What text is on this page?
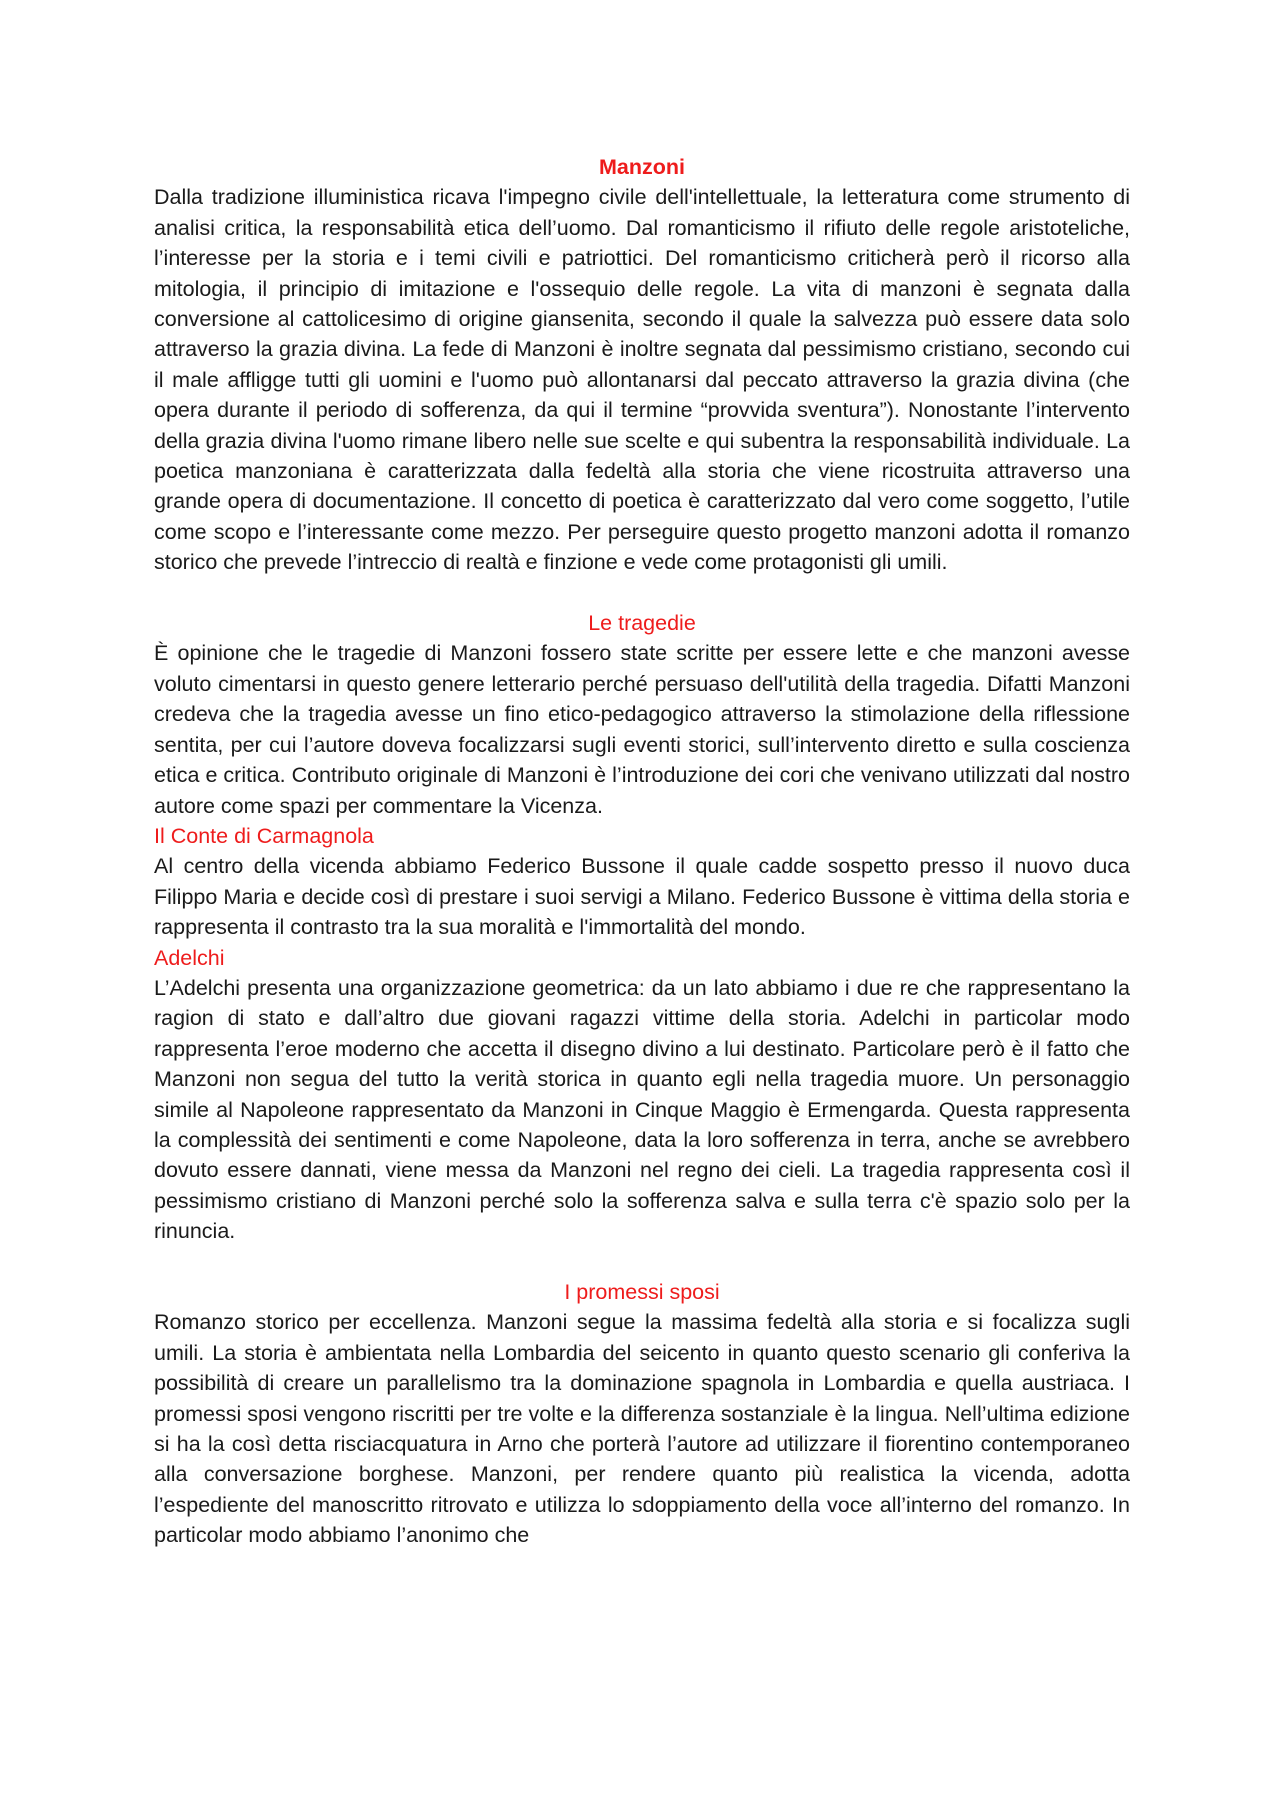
Manzoni

Dalla tradizione illuministica ricava l'impegno civile dell'intellettuale, la letteratura come strumento di analisi critica, la responsabilità etica dell’uomo. Dal romanticismo il rifiuto delle regole aristoteliche, l’interesse per la storia e i temi civili e patriottici. Del romanticismo criticherà però il ricorso alla mitologia, il principio di imitazione e l'ossequio delle regole. La vita di manzoni è segnata dalla conversione al cattolicesimo di origine giansenita, secondo il quale la salvezza può essere data solo attraverso la grazia divina. La fede di Manzoni è inoltre segnata dal pessimismo cristiano, secondo cui il male affligge tutti gli uomini e l'uomo può allontanarsi dal peccato attraverso la grazia divina (che opera durante il periodo di sofferenza, da qui il termine “provvida sventura”). Nonostante l’intervento della grazia divina l'uomo rimane libero nelle sue scelte e qui subentra la responsabilità individuale. La poetica manzoniana è caratterizzata dalla fedeltà alla storia che viene ricostruita attraverso una grande opera di documentazione. Il concetto di poetica è caratterizzato dal vero come soggetto, l’utile come scopo e l’interessante come mezzo. Per perseguire questo progetto manzoni adotta il romanzo storico che prevede l’intreccio di realtà e finzione e vede come protagonisti gli umili.

Le tragedie

È opinione che le tragedie di Manzoni fossero state scritte per essere lette e che manzoni avesse voluto cimentarsi in questo genere letterario perché persuaso dell'utilità della tragedia. Difatti Manzoni credeva che la tragedia avesse un fino etico-pedagogico attraverso la stimolazione della riflessione sentita, per cui l’autore doveva focalizzarsi sugli eventi storici, sull’intervento diretto e sulla coscienza etica e critica. Contributo originale di Manzoni è l’introduzione dei cori che venivano utilizzati dal nostro autore come spazi per commentare la Vicenza.

Il Conte di Carmagnola

Al centro della vicenda abbiamo Federico Bussone il quale cadde sospetto presso il nuovo duca Filippo Maria e decide così di prestare i suoi servigi a Milano. Federico Bussone è vittima della storia e rappresenta il contrasto tra la sua moralità e l'immortalità del mondo.

Adelchi

L’Adelchi presenta una organizzazione geometrica: da un lato abbiamo i due re che rappresentano la ragion di stato e dall’altro due giovani ragazzi vittime della storia. Adelchi in particolar modo rappresenta l’eroe moderno che accetta il disegno divino a lui destinato. Particolare però è il fatto che Manzoni non segua del tutto la verità storica in quanto egli nella tragedia muore. Un personaggio simile al Napoleone rappresentato da Manzoni in Cinque Maggio è Ermengarda. Questa rappresenta la complessità dei sentimenti e come Napoleone, data la loro sofferenza in terra, anche se avrebbero dovuto essere dannati, viene messa da Manzoni nel regno dei cieli. La tragedia rappresenta così il pessimismo cristiano di Manzoni perché solo la sofferenza salva e sulla terra c'è spazio solo per la rinuncia.

I promessi sposi

Romanzo storico per eccellenza. Manzoni segue la massima fedeltà alla storia e si focalizza sugli umili. La storia è ambientata nella Lombardia del seicento in quanto questo scenario gli conferiva la possibilità di creare un parallelismo tra la dominazione spagnola in Lombardia e quella austriaca. I promessi sposi vengono riscritti per tre volte e la differenza sostanziale è la lingua. Nell’ultima edizione si ha la così detta risciacquatura in Arno che porterà l’autore ad utilizzare il fiorentino contemporaneo alla conversazione borghese. Manzoni, per rendere quanto più realistica la vicenda, adotta l’espediente del manoscritto ritrovato e utilizza lo sdoppiamento della voce all’interno del romanzo. In particolar modo abbiamo l’anonimo che
